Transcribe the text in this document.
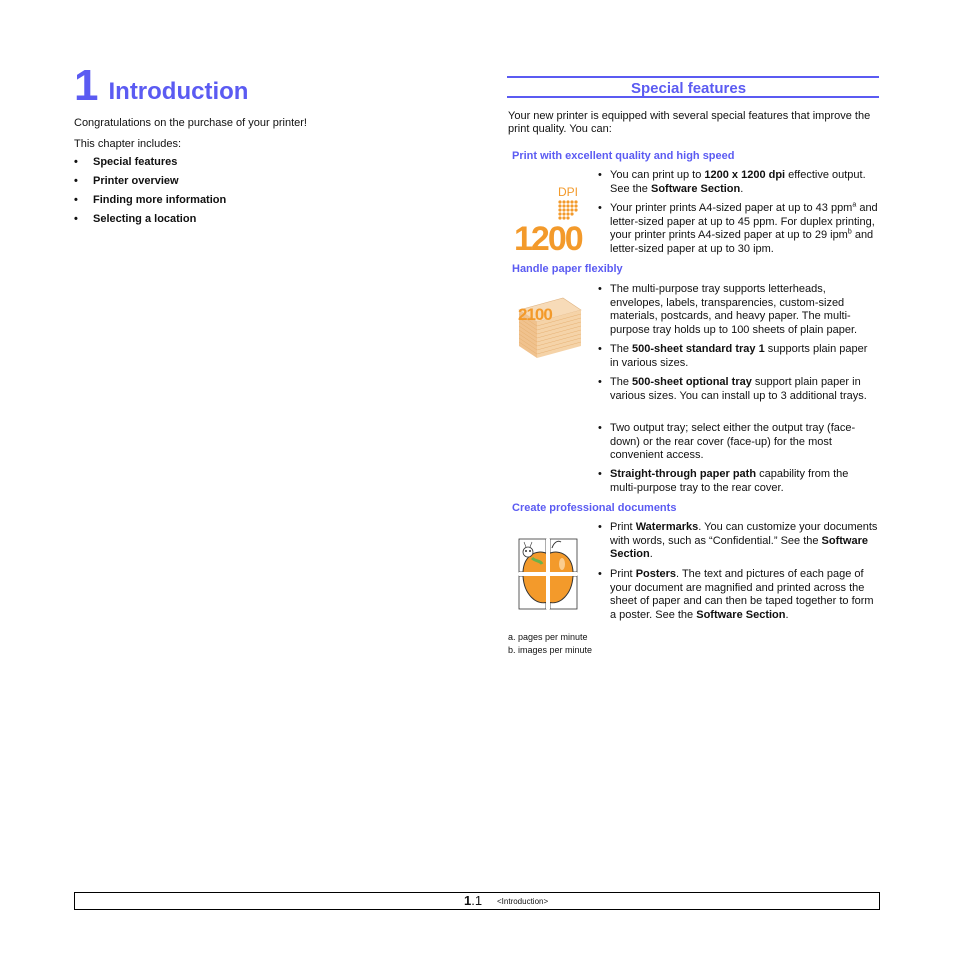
1 Introduction
Congratulations on the purchase of your printer!
This chapter includes:
• Special features
• Printer overview
• Finding more information
• Selecting a location
Special features
Your new printer is equipped with several special features that improve the print quality. You can:
Print with excellent quality and high speed
• You can print up to 1200 x 1200 dpi effective output. See the Software Section.
• Your printer prints A4-sized paper at up to 43 ppm$^a$ and letter-sized paper at up to 45 ppm. For duplex printing, your printer prints A4-sized paper at up to 29 ipm$^b$ and letter-sized paper at up to 30 ipm.
Handle paper flexibly
• The multi-purpose tray supports letterheads, envelopes, labels, transparencies, custom-sized materials, postcards, and heavy paper. The multi-purpose tray holds up to 100 sheets of plain paper.
• The 500-sheet standard tray 1 supports plain paper in various sizes.
• The 500-sheet optional tray support plain paper in various sizes. You can install up to 3 additional trays.
• Two output tray; select either the output tray (face-down) or the rear cover (face-up) for the most convenient access.
• Straight-through paper path capability from the multi-purpose tray to the rear cover.
Create professional documents
• Print Watermarks. You can customize your documents with words, such as “Confidential.” See the Software Section.
• Print Posters. The text and pictures of each page of your document are magnified and printed across the sheet of paper and can then be taped together to form a poster. See the Software Section.
a. pages per minute
b. images per minute
DPI
1200
2100
1.1 <Introduction>
